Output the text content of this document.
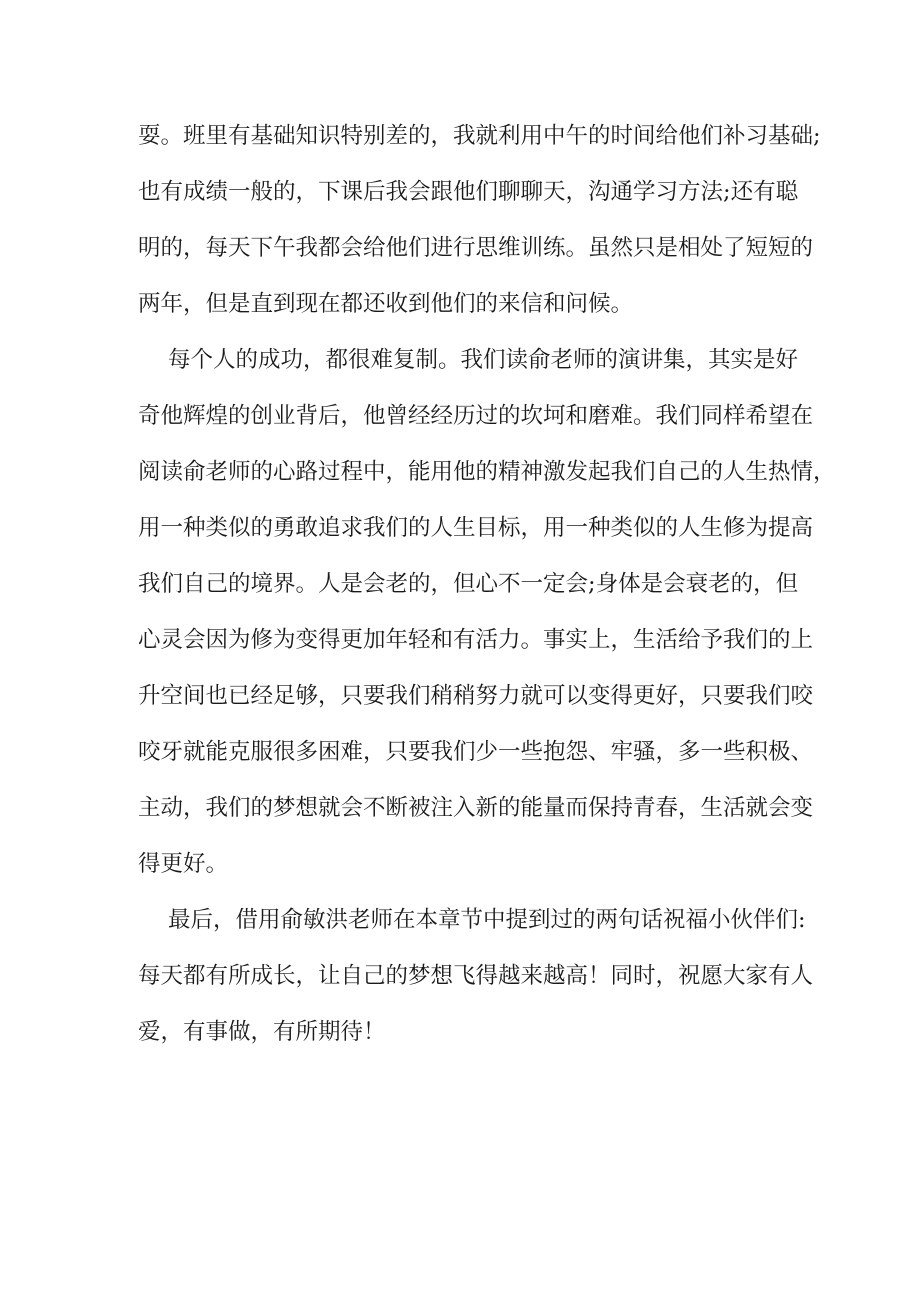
耍。班里有基础知识特别差的，我就利用中午的时间给他们补习基础;
也有成绩一般的，下课后我会跟他们聊聊天，沟通学习方法;还有聪
明的，每天下午我都会给他们进行思维训练。虽然只是相处了短短的
两年，但是直到现在都还收到他们的来信和问候。
每个人的成功，都很难复制。我们读俞老师的演讲集，其实是好
奇他辉煌的创业背后，他曾经经历过的坎坷和磨难。我们同样希望在
阅读俞老师的心路过程中，能用他的精神激发起我们自己的人生热情，
用一种类似的勇敢追求我们的人生目标，用一种类似的人生修为提高
我们自己的境界。人是会老的，但心不一定会;身体是会衰老的，但
心灵会因为修为变得更加年轻和有活力。事实上，生活给予我们的上
升空间也已经足够，只要我们稍稍努力就可以变得更好，只要我们咬
咬牙就能克服很多困难，只要我们少一些抱怨、牢骚，多一些积极、
主动，我们的梦想就会不断被注入新的能量而保持青春，生活就会变
得更好。
最后，借用俞敏洪老师在本章节中提到过的两句话祝福小伙伴们:
每天都有所成长，让自己的梦想飞得越来越高！同时，祝愿大家有人
爱，有事做，有所期待！
